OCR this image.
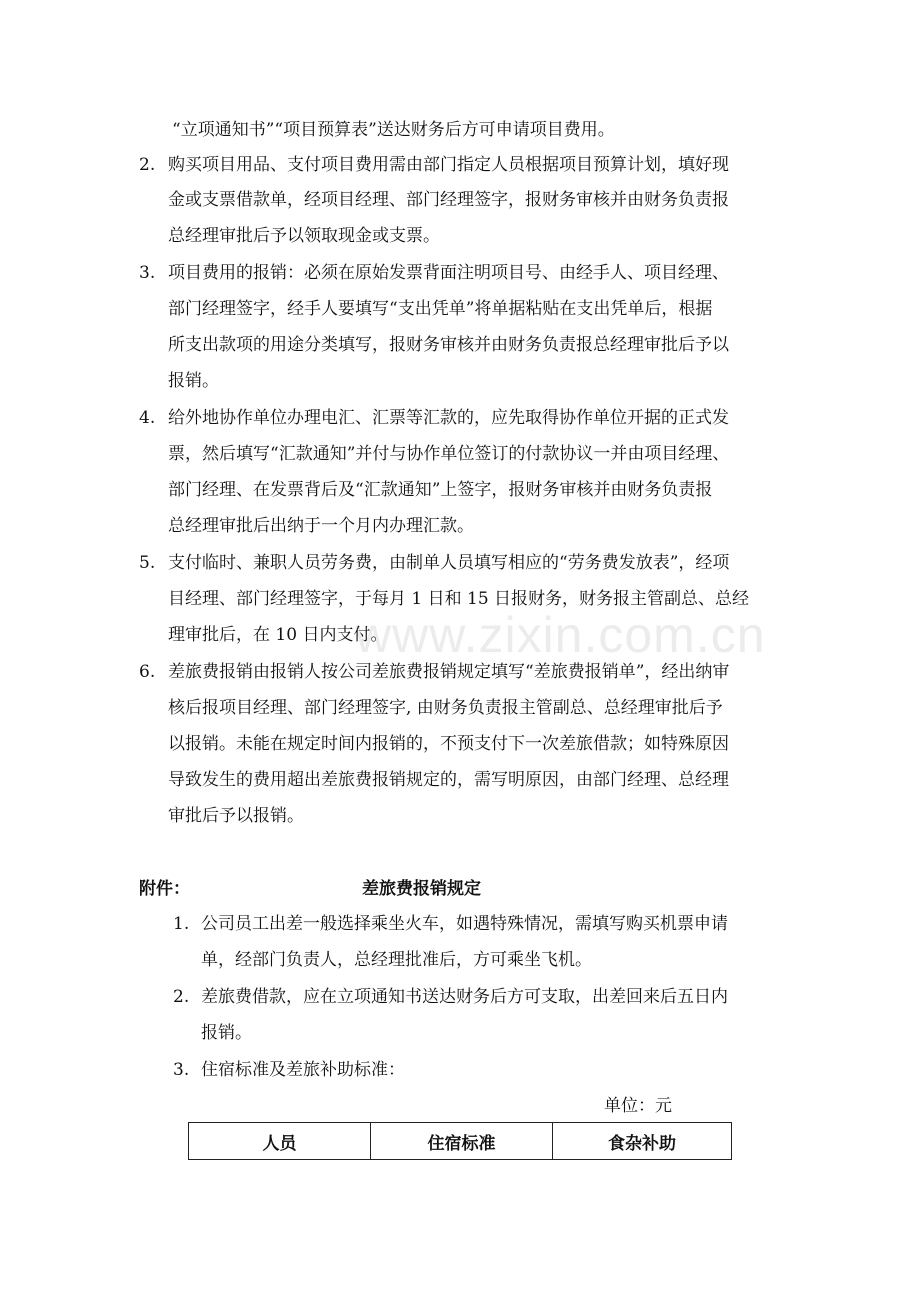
www.zixin.com.cn
“立项通知书”“项目预算表”送达财务后方可申请项目费用。
2. 购买项目用品、支付项目费用需由部门指定人员根据项目预算计划，填好现
金或支票借款单，经项目经理、部门经理签字，报财务审核并由财务负责报
总经理审批后予以领取现金或支票。
3. 项目费用的报销：必须在原始发票背面注明项目号、由经手人、项目经理、
部门经理签字，经手人要填写“支出凭单”将单据粘贴在支出凭单后，根据
所支出款项的用途分类填写，报财务审核并由财务负责报总经理审批后予以
报销。
4. 给外地协作单位办理电汇、汇票等汇款的，应先取得协作单位开据的正式发
票，然后填写“汇款通知”并付与协作单位签订的付款协议一并由项目经理、
部门经理、在发票背后及“汇款通知”上签字，报财务审核并由财务负责报
总经理审批后出纳于一个月内办理汇款。
5. 支付临时、兼职人员劳务费，由制单人员填写相应的“劳务费发放表”，经项
目经理、部门经理签字，于每月 1 日和 15 日报财务，财务报主管副总、总经
理审批后，在 10 日内支付。
6. 差旅费报销由报销人按公司差旅费报销规定填写“差旅费报销单”，经出纳审
核后报项目经理、部门经理签字, 由财务负责报主管副总、总经理审批后予
以报销。未能在规定时间内报销的，不预支付下一次差旅借款；如特殊原因
导致发生的费用超出差旅费报销规定的，需写明原因，由部门经理、总经理
审批后予以报销。
附件：	差旅费报销规定
1. 公司员工出差一般选择乘坐火车，如遇特殊情况，需填写购买机票申请
单，经部门负责人，总经理批准后，方可乘坐飞机。
2. 差旅费借款，应在立项通知书送达财务后方可支取，出差回来后五日内
报销。
3. 住宿标准及差旅补助标准：
单位：元
人员	住宿标准	食杂补助
